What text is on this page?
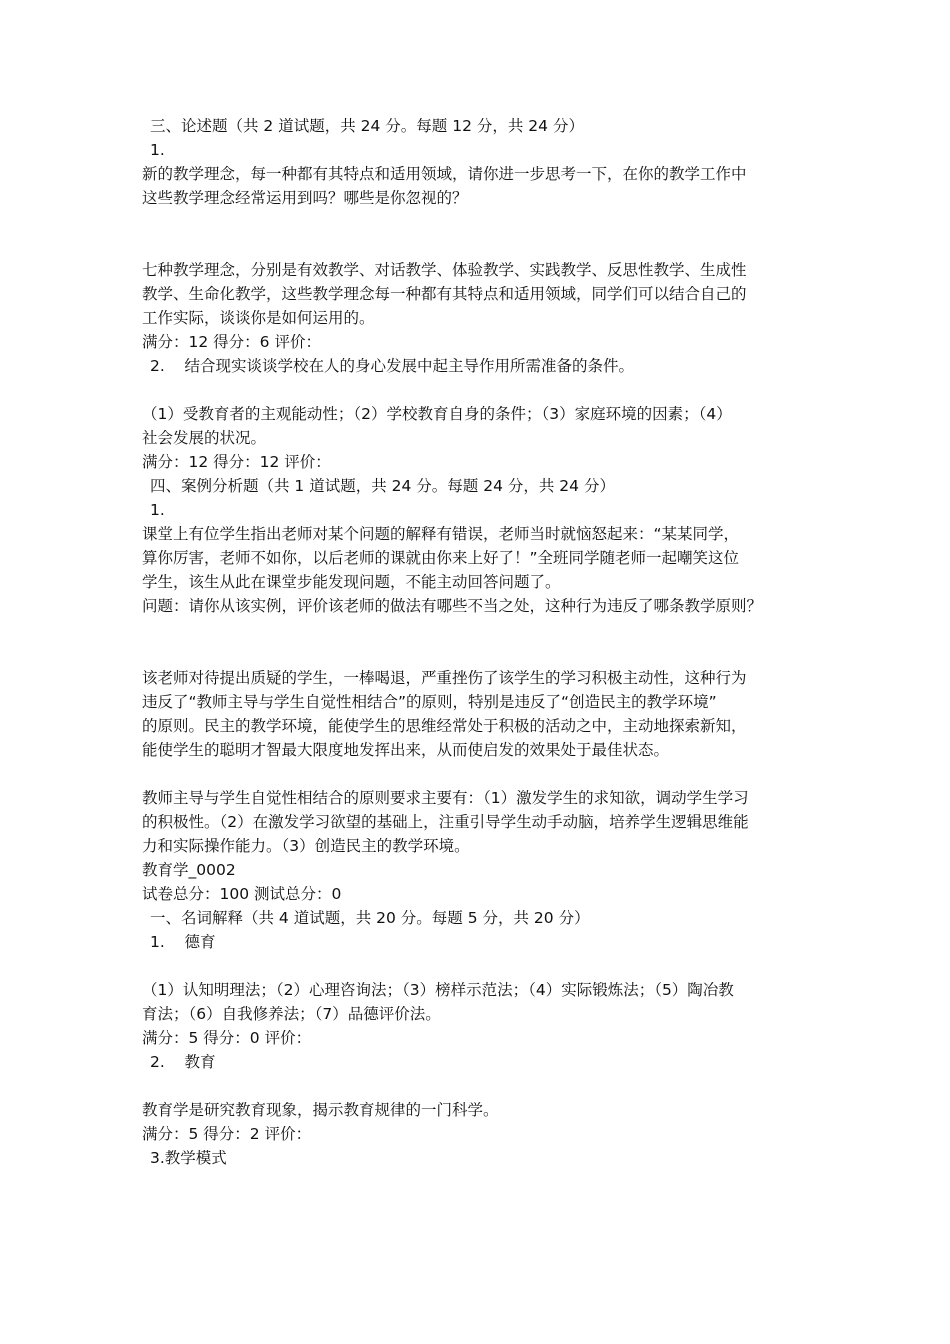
三、论述题（共 2 道试题，共 24 分。每题 12 分，共 24 分）
1.
新的教学理念，每一种都有其特点和适用领域，请你进一步思考一下，在你的教学工作中
这些教学理念经常运用到吗？哪些是你忽视的？
七种教学理念，分别是有效教学、对话教学、体验教学、实践教学、反思性教学、生成性
教学、生命化教学，这些教学理念每一种都有其特点和适用领域，同学们可以结合自己的
工作实际，谈谈你是如何运用的。
满分：12 得分：6 评价：
2. 结合现实谈谈学校在人的身心发展中起主导作用所需准备的条件。
（1）受教育者的主观能动性；（2）学校教育自身的条件；（3）家庭环境的因素；（4）
社会发展的状况。
满分：12 得分：12 评价：
四、案例分析题（共 1 道试题，共 24 分。每题 24 分，共 24 分）
1.
课堂上有位学生指出老师对某个问题的解释有错误，老师当时就恼怒起来：“某某同学，
算你厉害，老师不如你，以后老师的课就由你来上好了！”全班同学随老师一起嘲笑这位
学生，该生从此在课堂步能发现问题，不能主动回答问题了。
问题：请你从该实例，评价该老师的做法有哪些不当之处，这种行为违反了哪条教学原则？
该老师对待提出质疑的学生，一棒喝退，严重挫伤了该学生的学习积极主动性，这种行为
违反了“教师主导与学生自觉性相结合”的原则，特别是违反了“创造民主的教学环境”
的原则。民主的教学环境，能使学生的思维经常处于积极的活动之中，主动地探索新知，
能使学生的聪明才智最大限度地发挥出来，从而使启发的效果处于最佳状态。
教师主导与学生自觉性相结合的原则要求主要有：（1）激发学生的求知欲，调动学生学习
的积极性。（2）在激发学习欲望的基础上，注重引导学生动手动脑，培养学生逻辑思维能
力和实际操作能力。（3）创造民主的教学环境。
教育学_0002
试卷总分：100 测试总分：0
一、名词解释（共 4 道试题，共 20 分。每题 5 分，共 20 分）
1. 德育
（1）认知明理法；（2）心理咨询法；（3）榜样示范法；（4）实际锻炼法；（5）陶冶教
育法；（6）自我修养法；（7）品德评价法。
满分：5 得分：0 评价：
2. 教育
教育学是研究教育现象，揭示教育规律的一门科学。
满分：5 得分：2 评价：
3.教学模式
